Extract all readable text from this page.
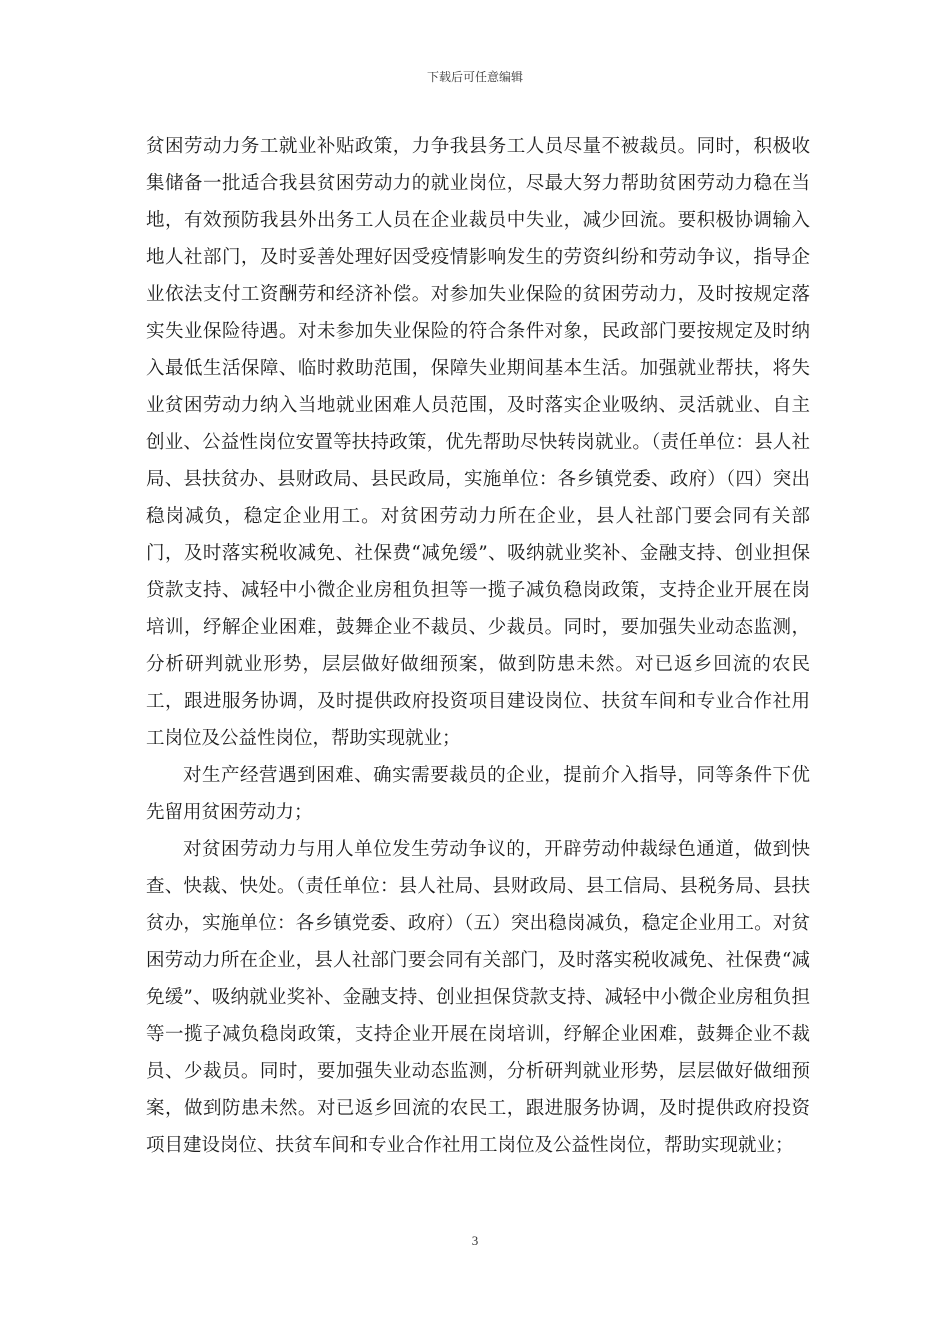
下载后可任意编辑

贫困劳动力务工就业补贴政策，力争我县务工人员尽量不被裁员。同时，积极收集储备一批适合我县贫困劳动力的就业岗位，尽最大努力帮助贫困劳动力稳在当地，有效预防我县外出务工人员在企业裁员中失业，减少回流。要积极协调输入地人社部门，及时妥善处理好因受疫情影响发生的劳资纠纷和劳动争议，指导企业依法支付工资酬劳和经济补偿。对参加失业保险的贫困劳动力，及时按规定落实失业保险待遇。对未参加失业保险的符合条件对象，民政部门要按规定及时纳入最低生活保障、临时救助范围，保障失业期间基本生活。加强就业帮扶，将失业贫困劳动力纳入当地就业困难人员范围，及时落实企业吸纳、灵活就业、自主创业、公益性岗位安置等扶持政策，优先帮助尽快转岗就业。（责任单位：县人社局、县扶贫办、县财政局、县民政局，实施单位：各乡镇党委、政府）（四）突出稳岗减负，稳定企业用工。对贫困劳动力所在企业，县人社部门要会同有关部门，及时落实税收减免、社保费“减免缓”、吸纳就业奖补、金融支持、创业担保贷款支持、减轻中小微企业房租负担等一揽子减负稳岗政策，支持企业开展在岗培训，纾解企业困难，鼓舞企业不裁员、少裁员。同时，要加强失业动态监测，分析研判就业形势，层层做好做细预案，做到防患未然。对已返乡回流的农民工，跟进服务协调，及时提供政府投资项目建设岗位、扶贫车间和专业合作社用工岗位及公益性岗位，帮助实现就业；

对生产经营遇到困难、确实需要裁员的企业，提前介入指导，同等条件下优先留用贫困劳动力；

对贫困劳动力与用人单位发生劳动争议的，开辟劳动仲裁绿色通道，做到快查、快裁、快处。（责任单位：县人社局、县财政局、县工信局、县税务局、县扶贫办，实施单位：各乡镇党委、政府）（五）突出稳岗减负，稳定企业用工。对贫困劳动力所在企业，县人社部门要会同有关部门，及时落实税收减免、社保费“减免缓”、吸纳就业奖补、金融支持、创业担保贷款支持、减轻中小微企业房租负担等一揽子减负稳岗政策，支持企业开展在岗培训，纾解企业困难，鼓舞企业不裁员、少裁员。同时，要加强失业动态监测，分析研判就业形势，层层做好做细预案，做到防患未然。对已返乡回流的农民工，跟进服务协调，及时提供政府投资项目建设岗位、扶贫车间和专业合作社用工岗位及公益性岗位，帮助实现就业；

3
